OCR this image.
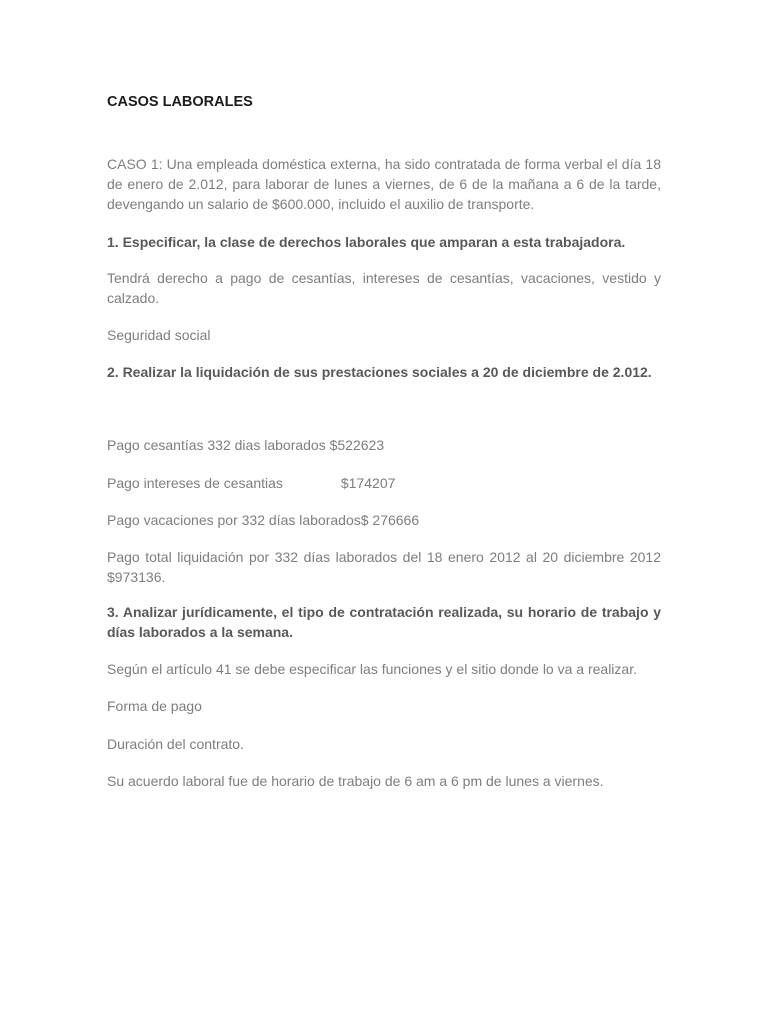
CASOS LABORALES

CASO 1: Una empleada doméstica externa, ha sido contratada de forma verbal el día 18 de enero de 2.012, para laborar de lunes a viernes, de 6 de la mañana a 6 de la tarde, devengando un salario de $600.000, incluido el auxilio de transporte.

1. Especificar, la clase de derechos laborales que amparan a esta trabajadora.

Tendrá derecho a pago de cesantías, intereses de cesantías, vacaciones, vestido y calzado.

Seguridad social

2. Realizar la liquidación de sus prestaciones sociales a 20 de diciembre de 2.012.

Pago cesantías 332 dias laborados $522623

Pago intereses de cesantias	$174207

Pago vacaciones por 332 días laborados$ 276666

Pago total liquidación por 332 días laborados del 18 enero 2012 al 20 diciembre 2012 $973136.

3. Analizar jurídicamente, el tipo de contratación realizada, su horario de trabajo y días laborados a la semana.

Según el artículo 41 se debe especificar las funciones y el sitio donde lo va a realizar.

Forma de pago

Duración del contrato.

Su acuerdo laboral fue de horario de trabajo de 6 am a 6 pm de lunes a viernes.
